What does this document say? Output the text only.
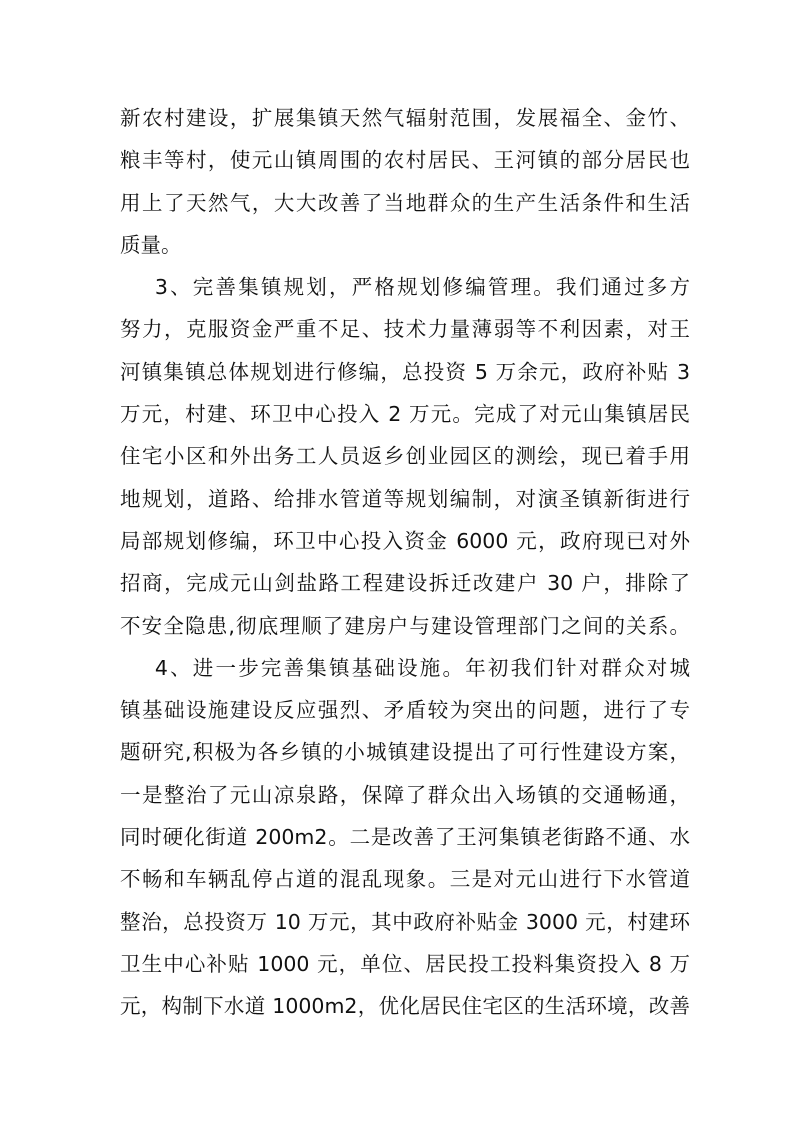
新农村建设，扩展集镇天然气辐射范围，发展福全、金竹、
粮丰等村，使元山镇周围的农村居民、王河镇的部分居民也
用上了天然气，大大改善了当地群众的生产生活条件和生活
质量。
3、完善集镇规划，严格规划修编管理。我们通过多方
努力，克服资金严重不足、技术力量薄弱等不利因素，对王
河镇集镇总体规划进行修编，总投资 5 万余元，政府补贴 3
万元，村建、环卫中心投入 2 万元。完成了对元山集镇居民
住宅小区和外出务工人员返乡创业园区的测绘，现已着手用
地规划，道路、给排水管道等规划编制，对演圣镇新街进行
局部规划修编，环卫中心投入资金 6000 元，政府现已对外
招商，完成元山剑盐路工程建设拆迁改建户 30 户，排除了
不安全隐患,彻底理顺了建房户与建设管理部门之间的关系。
4、进一步完善集镇基础设施。年初我们针对群众对城
镇基础设施建设反应强烈、矛盾较为突出的问题，进行了专
题研究,积极为各乡镇的小城镇建设提出了可行性建设方案，
一是整治了元山凉泉路，保障了群众出入场镇的交通畅通，
同时硬化街道 200m2。二是改善了王河集镇老街路不通、水
不畅和车辆乱停占道的混乱现象。三是对元山进行下水管道
整治，总投资万 10 万元，其中政府补贴金 3000 元，村建环
卫生中心补贴 1000 元，单位、居民投工投料集资投入 8 万
元，构制下水道 1000m2，优化居民住宅区的生活环境，改善
